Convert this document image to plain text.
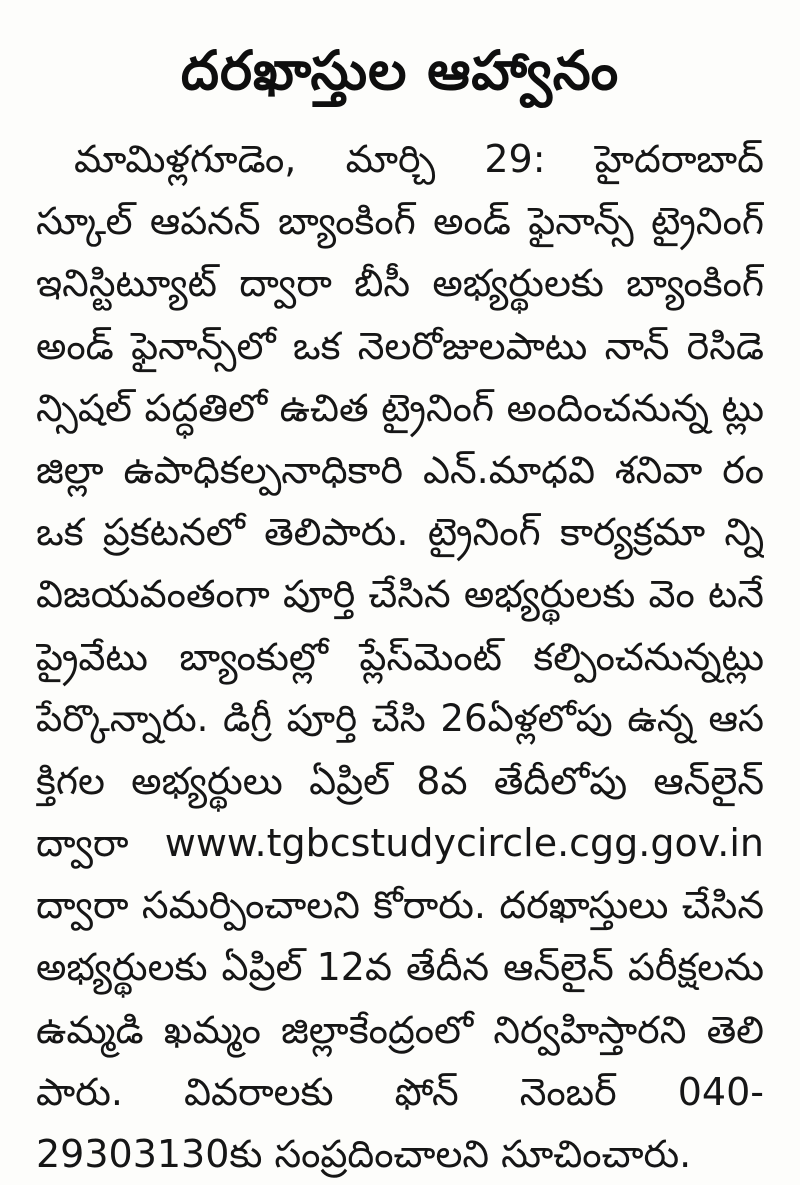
దరఖాస్తుల ఆహ్వానం
మామిళ్లగూడెం, మార్చి 29: హైదరాబాద్
స్కూల్ ఆపనన్ బ్యాంకింగ్ అండ్ ఫైనాన్స్ ట్రైనింగ్
ఇనిస్టిట్యూట్ ద్వారా బీసీ అభ్యర్థులకు బ్యాంకింగ్
అండ్ ఫైనాన్స్‌లో ఒక నెలరోజులపాటు నాన్ రెసిడె
న్సిషల్ పద్ధతిలో ఉచిత ట్రైనింగ్ అందించనున్న ట్లు
జిల్లా ఉపాధికల్పనాధికారి ఎన్.మాధవి శనివా రం
ఒక ప్రకటనలో తెలిపారు. ట్రైనింగ్ కార్యక్రమా న్ని
విజయవంతంగా పూర్తి చేసిన అభ్యర్థులకు వెం టనే
ప్రైవేటు బ్యాంకుల్లో ప్లేస్‌మెంట్ కల్పించనున్నట్లు
పేర్కొన్నారు. డిగ్రీ పూర్తి చేసి 26ఏళ్లలోపు ఉన్న ఆస
క్తిగల అభ్యర్థులు ఏప్రిల్ 8వ తేదీలోపు ఆన్‌లైన్
ద్వారా www.tgbcstudycircle.cgg.gov.in
ద్వారా సమర్పించాలని కోరారు. దరఖాస్తులు చేసిన
అభ్యర్థులకు ఏప్రిల్ 12వ తేదీన ఆన్‌లైన్ పరీక్షలను
ఉమ్మడి ఖమ్మం జిల్లాకేంద్రంలో నిర్వహిస్తారని తెలి
పారు. వివరాలకు ఫోన్ నెంబర్ 040-
29303130కు సంప్రదించాలని సూచించారు.
